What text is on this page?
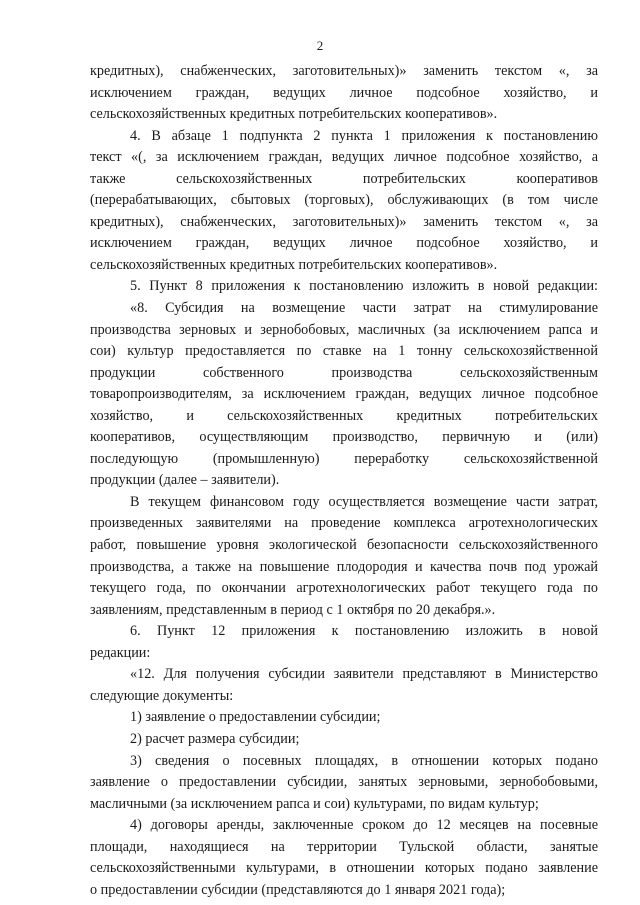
2
кредитных), снабженческих, заготовительных)» заменить текстом «, за
исключением граждан, ведущих личное подсобное хозяйство, и
сельскохозяйственных кредитных потребительских кооперативов».
4. В абзаце 1 подпункта 2 пункта 1 приложения к постановлению
текст «(, за исключением граждан, ведущих личное подсобное хозяйство, а
также сельскохозяйственных потребительских кооперативов
(перерабатывающих, сбытовых (торговых), обслуживающих (в том числе
кредитных), снабженческих, заготовительных)» заменить текстом «, за
исключением граждан, ведущих личное подсобное хозяйство, и
сельскохозяйственных кредитных потребительских кооперативов».
5. Пункт 8 приложения к постановлению изложить в новой редакции:
«8. Субсидия на возмещение части затрат на стимулирование
производства зерновых и зернобобовых, масличных (за исключением рапса и
сои) культур предоставляется по ставке на 1 тонну сельскохозяйственной
продукции собственного производства сельскохозяйственным
товаропроизводителям, за исключением граждан, ведущих личное подсобное
хозяйство, и сельскохозяйственных кредитных потребительских
кооперативов, осуществляющим производство, первичную и (или)
последующую (промышленную) переработку сельскохозяйственной
продукции (далее – заявители).
В текущем финансовом году осуществляется возмещение части затрат,
произведенных заявителями на проведение комплекса агротехнологических
работ, повышение уровня экологической безопасности сельскохозяйственного
производства, а также на повышение плодородия и качества почв под урожай
текущего года, по окончании агротехнологических работ текущего года по
заявлениям, представленным в период с 1 октября по 20 декабря.».
6. Пункт 12 приложения к постановлению изложить в новой
редакции:
«12. Для получения субсидии заявители представляют в Министерство
следующие документы:
1) заявление о предоставлении субсидии;
2) расчет размера субсидии;
3) сведения о посевных площадях, в отношении которых подано
заявление о предоставлении субсидии, занятых зерновыми, зернобобовыми,
масличными (за исключением рапса и сои) культурами, по видам культур;
4) договоры аренды, заключенные сроком до 12 месяцев на посевные
площади, находящиеся на территории Тульской области, занятые
сельскохозяйственными культурами, в отношении которых подано заявление
о предоставлении субсидии (представляются до 1 января 2021 года);
